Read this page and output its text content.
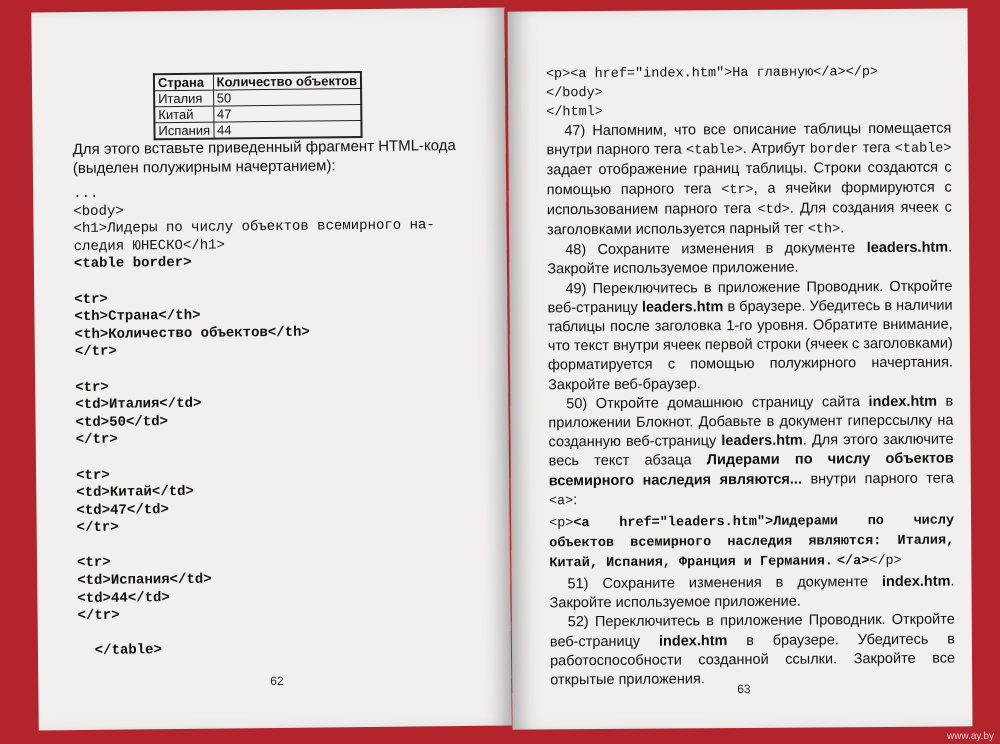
Страна	Количество объектов
Италия	50
Китай	47
Испания	44
Для этого вставьте приведенный фрагмент HTML-кода
(выделен полужирным начертанием):
...
<body>
<h1>Лидеры по числу объектов всемирного на-
следия ЮНЕСКО</h1>
<table border>

<tr>
<th>Страна</th>
<th>Количество объектов</th>
</tr>

<tr>
<td>Италия</td>
<td>50</td>
</tr>

<tr>
<td>Китай</td>
<td>47</td>
</tr>

<tr>
<td>Испания</td>
<td>44</td>
</tr>

</table>
62
<p><a href="index.htm">На главную</a></p>
</body>
</html>

47) Напомним, что все описание таблицы помещается внутри парного тега <table>. Атрибут border тега <table> задает отображение границ таблицы. Строки создаются с помощью парного тега <tr>, а ячейки формируются с использованием парного тега <td>. Для создания ячеек с заголовками используется парный тег <th>.

48) Сохраните изменения в документе leaders.htm. Закройте используемое приложение.

49) Переключитесь в приложение Проводник. Откройте веб-страницу leaders.htm в браузере. Убедитесь в наличии таблицы после заголовка 1-го уровня. Обратите внимание, что текст внутри ячеек первой строки (ячеек с заголовками) форматируется с помощью полужирного начертания. Закройте веб-браузер.

50) Откройте домашнюю страницу сайта index.htm в приложении Блокнот. Добавьте в документ гиперссылку на созданную веб-страницу leaders.htm. Для этого заключите весь текст абзаца Лидерами по числу объектов всемирного наследия являются... внутри парного тега <a>:

<p><a href="leaders.htm">Лидерами по числу объектов всемирного наследия являются: Италия, Китай, Испания, Франция и Германия. </a></p>

51) Сохраните изменения в документе index.htm. Закройте используемое приложение.

52) Переключитесь в приложение Проводник. Откройте веб-страницу index.htm в браузере. Убедитесь в работоспособности созданной ссылки. Закройте все открытые приложения.

63
www.ay.by
